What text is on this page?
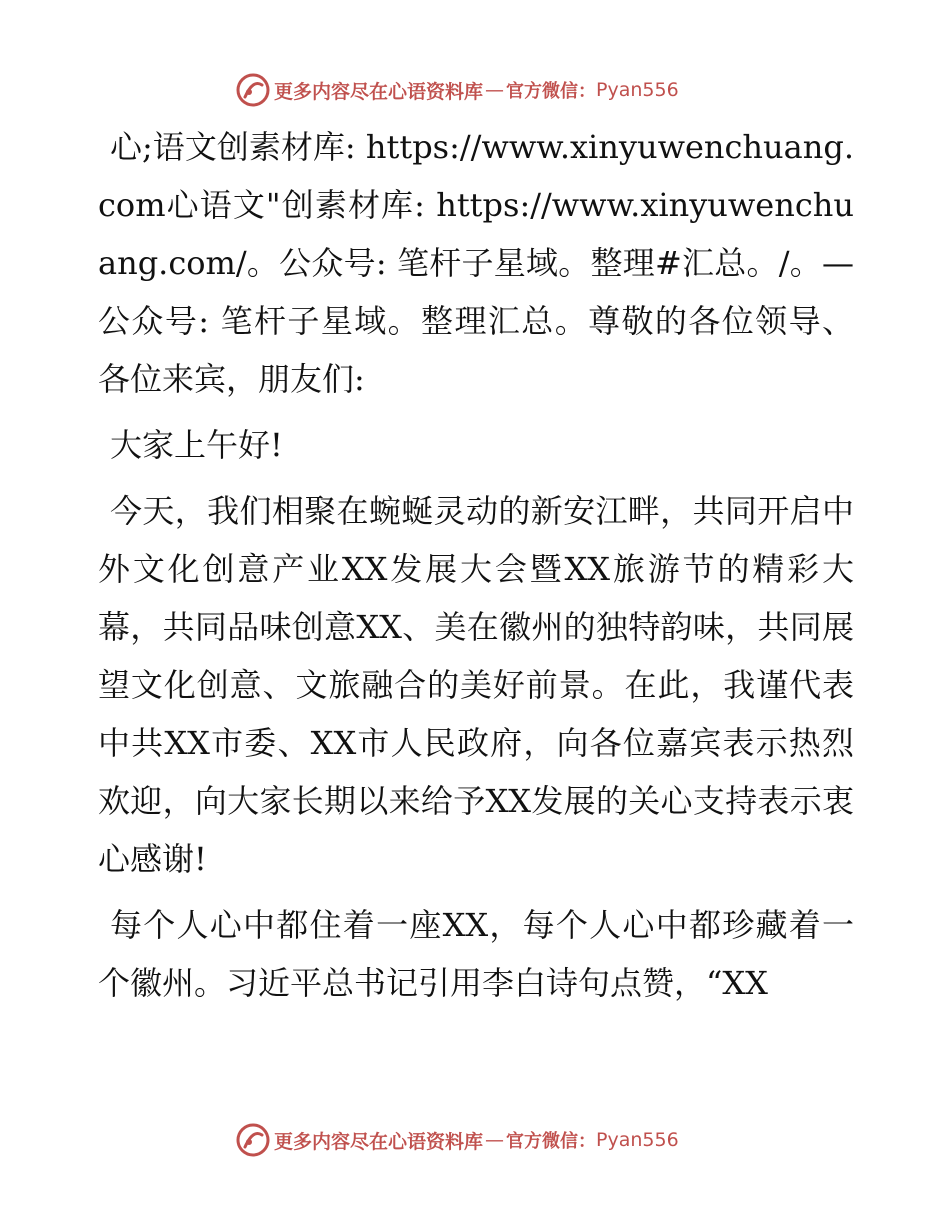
更多内容尽在心语资料库 — 官方微信： Pyan556

心;语文创素材库: https://www.xinyuwenchuang.com心语文"创素材库: https://www.xinyuwenchuang.com/。公众号: 笔杆子星域。整理#汇总。/。—公众号: 笔杆子星域。整理汇总。尊敬的各位领导、各位来宾，朋友们:

大家上午好!

今天，我们相聚在蜿蜒灵动的新安江畔，共同开启中外文化创意产业XX发展大会暨XX旅游节的精彩大幕，共同品味创意XX、美在徽州的独特韵味，共同展望文化创意、文旅融合的美好前景。在此，我谨代表中共XX市委、XX市人民政府，向各位嘉宾表示热烈欢迎，向大家长期以来给予XX发展的关心支持表示衷心感谢!

每个人心中都住着一座XX，每个人心中都珍藏着一个徽州。习近平总书记引用李白诗句点赞，“XX

更多内容尽在心语资料库 — 官方微信： Pyan556
